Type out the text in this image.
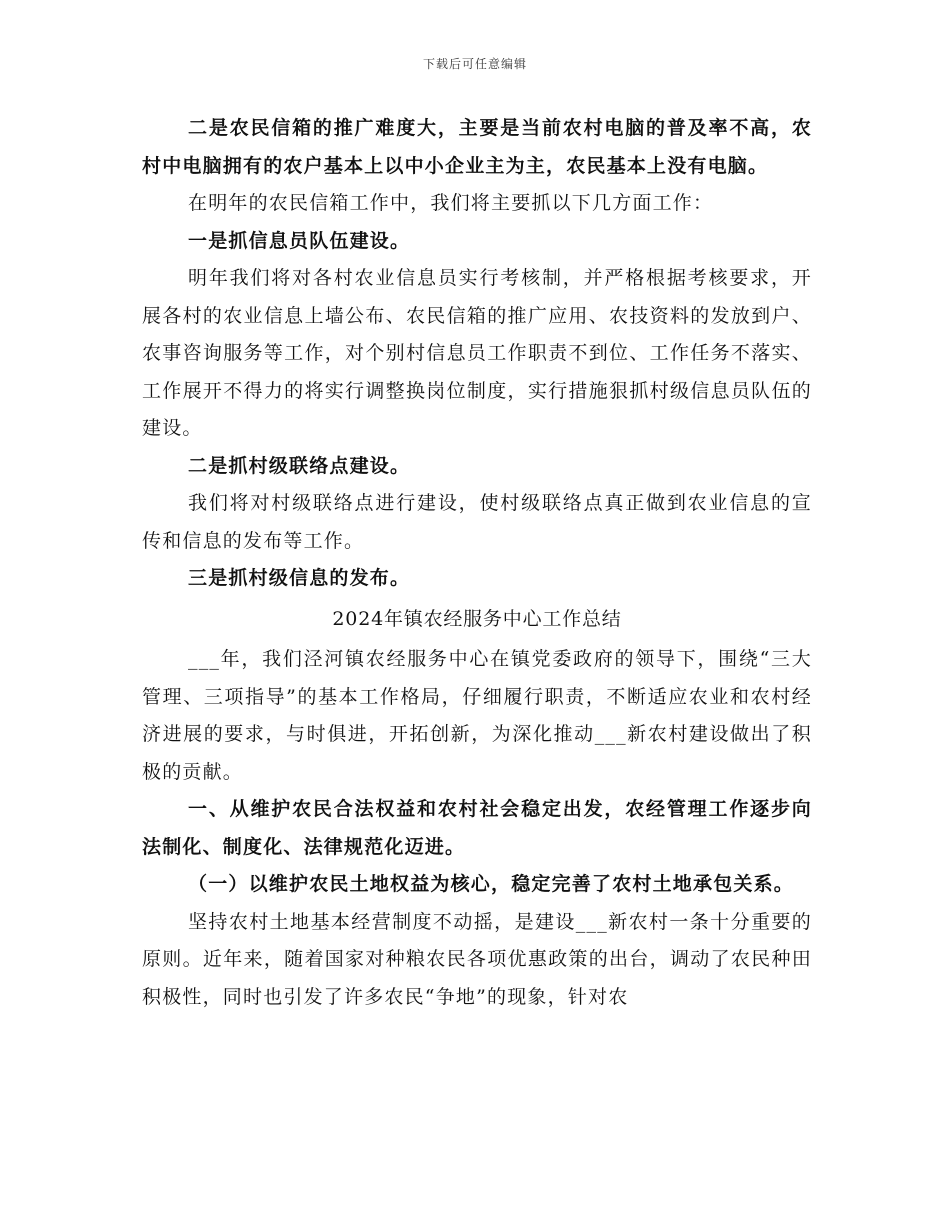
下载后可任意编辑

二是农民信箱的推广难度大，主要是当前农村电脑的普及率不高，农村中电脑拥有的农户基本上以中小企业主为主，农民基本上没有电脑。

在明年的农民信箱工作中，我们将主要抓以下几方面工作：

一是抓信息员队伍建设。

明年我们将对各村农业信息员实行考核制，并严格根据考核要求，开展各村的农业信息上墙公布、农民信箱的推广应用、农技资料的发放到户、农事咨询服务等工作，对个别村信息员工作职责不到位、工作任务不落实、工作展开不得力的将实行调整换岗位制度，实行措施狠抓村级信息员队伍的建设。

二是抓村级联络点建设。

我们将对村级联络点进行建设，使村级联络点真正做到农业信息的宣传和信息的发布等工作。

三是抓村级信息的发布。

2024年镇农经服务中心工作总结

___年，我们泾河镇农经服务中心在镇党委政府的领导下，围绕“三大管理、三项指导”的基本工作格局，仔细履行职责，不断适应农业和农村经济进展的要求，与时俱进，开拓创新，为深化推动___新农村建设做出了积极的贡献。

一、从维护农民合法权益和农村社会稳定出发，农经管理工作逐步向法制化、制度化、法律规范化迈进。

（一）以维护农民土地权益为核心，稳定完善了农村土地承包关系。

坚持农村土地基本经营制度不动摇，是建设___新农村一条十分重要的原则。近年来，随着国家对种粮农民各项优惠政策的出台，调动了农民种田积极性，同时也引发了许多农民“争地”的现象，针对农
